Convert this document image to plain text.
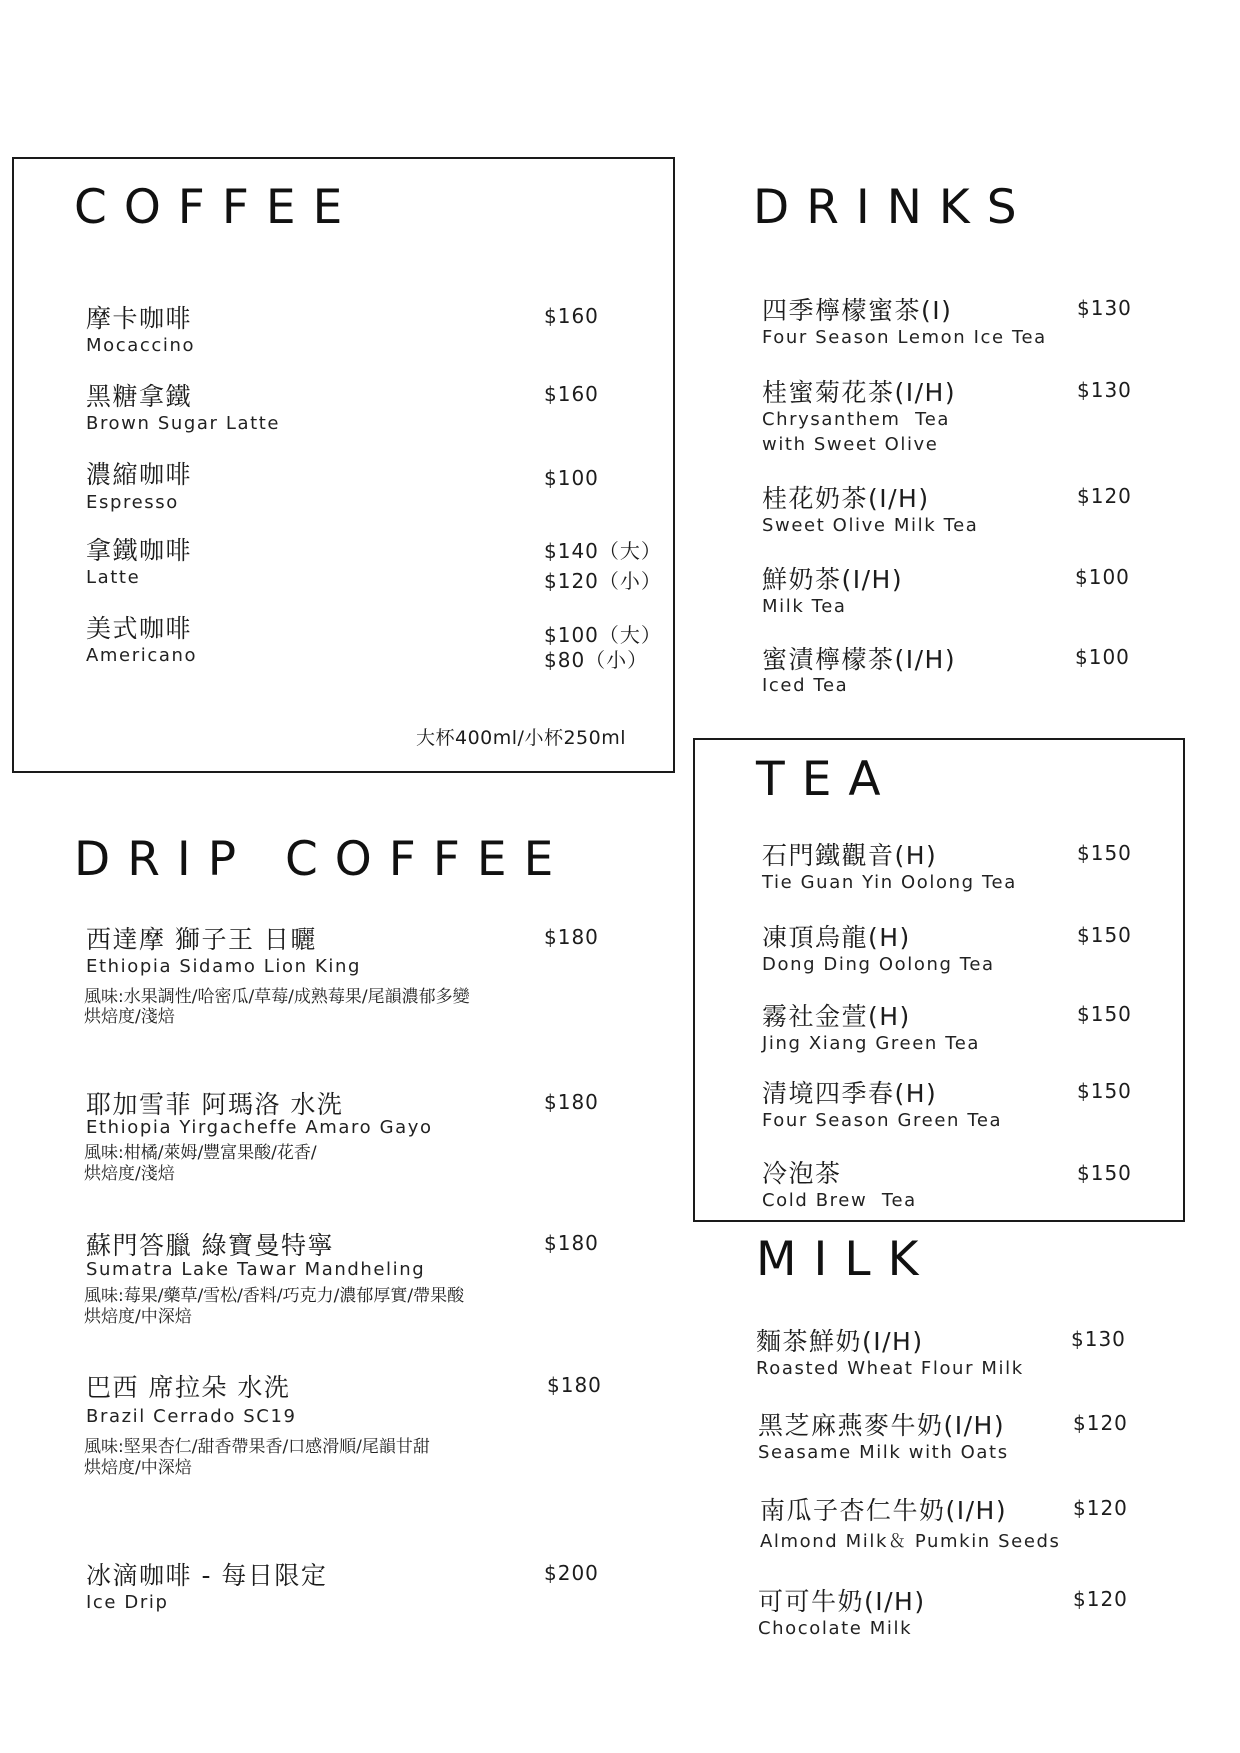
COFFEE
摩卡咖啡
Mocaccino
$160
黑糖拿鐵
Brown Sugar Latte
$160
濃縮咖啡
Espresso
$100
拿鐵咖啡
Latte
$140（大）
$120（小）
美式咖啡
Americano
$100（大）
$80（小）
大杯400ml/小杯250ml
DRINKS
四季檸檬蜜茶(I)
Four Season Lemon Ice Tea
$130
桂蜜菊花茶(I/H)
Chrysanthem  Tea
with Sweet Olive
$130
桂花奶茶(I/H)
Sweet Olive Milk Tea
$120
鮮奶茶(I/H)
Milk Tea
$100
蜜漬檸檬茶(I/H)
Iced Tea
$100
TEA
石門鐵觀音(H)
Tie Guan Yin Oolong Tea
$150
凍頂烏龍(H)
Dong Ding Oolong Tea
$150
霧社金萱(H)
Jing Xiang Green Tea
$150
清境四季春(H)
Four Season Green Tea
$150
冷泡茶
Cold Brew  Tea
$150
DRIP COFFEE
西達摩 獅子王 日曬
Ethiopia Sidamo Lion King
風味:水果調性/哈密瓜/草莓/成熟莓果/尾韻濃郁多變
烘焙度/淺焙
$180
耶加雪菲 阿瑪洛 水洗
Ethiopia Yirgacheffe Amaro Gayo
風味:柑橘/萊姆/豐富果酸/花香/
烘焙度/淺焙
$180
蘇門答臘 綠寶曼特寧
Sumatra Lake Tawar Mandheling
風味:莓果/藥草/雪松/香料/巧克力/濃郁厚實/帶果酸
烘焙度/中深焙
$180
巴西 席拉朵 水洗
Brazil Cerrado SC19
風味:堅果杏仁/甜香帶果香/口感滑順/尾韻甘甜
烘焙度/中深焙
$180
冰滴咖啡 - 每日限定
Ice Drip
$200
MILK
麵茶鮮奶(I/H)
Roasted Wheat Flour Milk
$130
黑芝麻燕麥牛奶(I/H)
Seasame Milk with Oats
$120
南瓜子杏仁牛奶(I/H)
Almond Milk＆ Pumkin Seeds
$120
可可牛奶(I/H)
Chocolate Milk
$120
